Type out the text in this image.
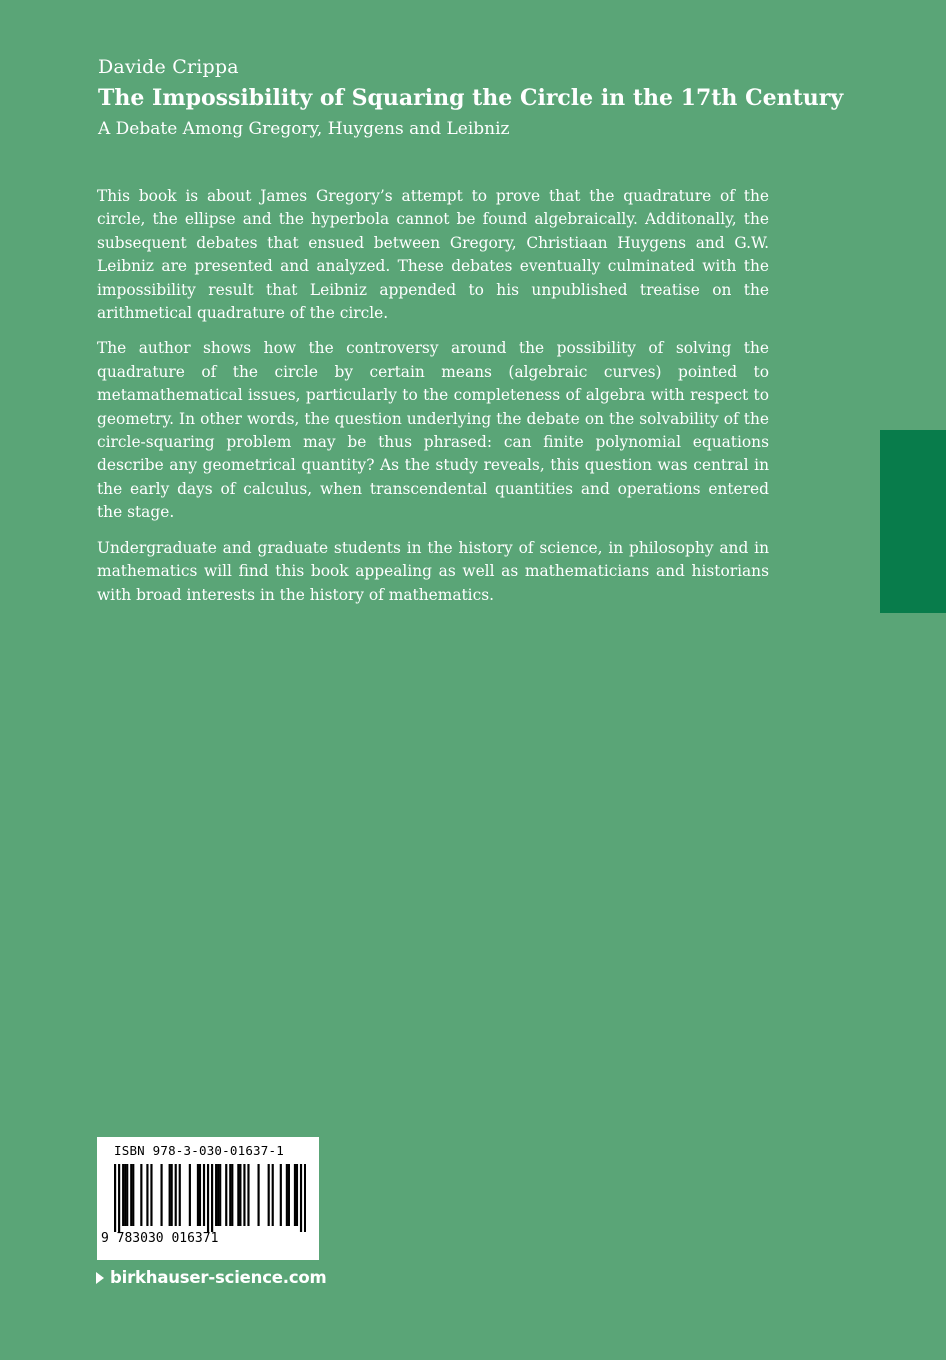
Davide Crippa
The Impossibility of Squaring the Circle in the 17th Century
A Debate Among Gregory, Huygens and Leibniz

This book is about James Gregory’s attempt to prove that the quadrature of the circle, the ellipse and the hyperbola cannot be found algebraically. Additonally, the subsequent debates that ensued between Gregory, Christiaan Huygens and G.W. Leibniz are presented and analyzed. These debates eventually culminated with the impossibility result that Leibniz appended to his unpublished treatise on the arithmetical quadrature of the circle.

The author shows how the controversy around the possibility of solving the quadrature of the circle by certain means (algebraic curves) pointed to metamathematical issues, particularly to the completeness of algebra with respect to geometry. In other words, the question underlying the debate on the solvability of the circle-squaring problem may be thus phrased: can finite polynomial equations describe any geometrical quantity? As the study reveals, this question was central in the early days of calculus, when transcendental quantities and operations entered the stage.

Undergraduate and graduate students in the history of science, in philosophy and in mathematics will find this book appealing as well as mathematicians and historians with broad interests in the history of mathematics.

ISBN 978-3-030-01637-1
9 783030 016371
birkhauser-science.com
